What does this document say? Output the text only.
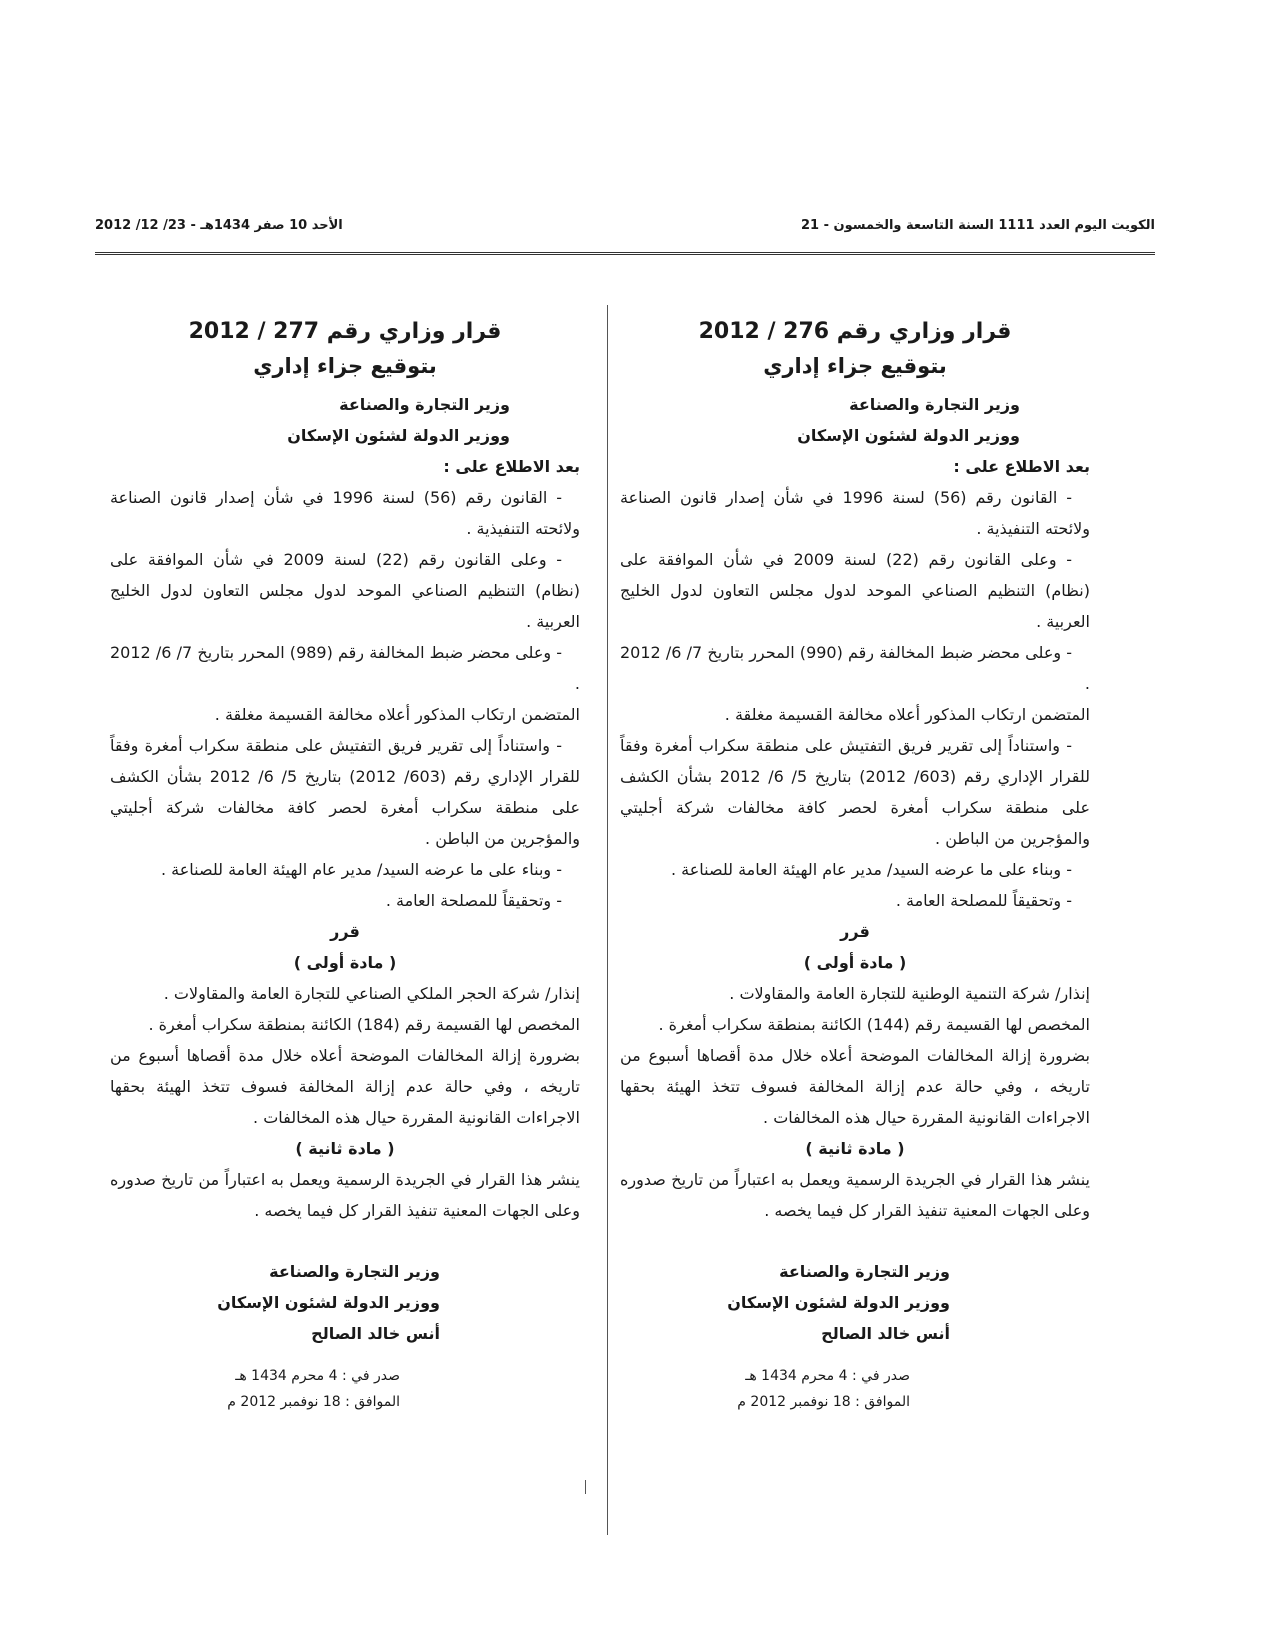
الكويت اليوم العدد 1111 السنة التاسعة والخمسون - 21
الأحد 10 صفر 1434هـ - 23/ 12/ 2012

قرار وزاري رقم 276 / 2012

بتوقيع جزاء إداري

وزير التجارة والصناعة

ووزير الدولة لشئون الإسكان

بعد الاطلاع على :

- القانون رقم (56) لسنة 1996 في شأن إصدار قانون الصناعة ولائحته التنفيذية .

- وعلى القانون رقم (22) لسنة 2009 في شأن الموافقة على (نظام) التنظيم الصناعي الموحد لدول مجلس التعاون لدول الخليج العربية .

- وعلى محضر ضبط المخالفة رقم (990) المحرر بتاريخ 7/ 6/ 2012 .

المتضمن ارتكاب المذكور أعلاه مخالفة القسيمة مغلقة .

- واستناداً إلى تقرير فريق التفتيش على منطقة سكراب أمغرة وفقاً للقرار الإداري رقم (603/ 2012) بتاريخ 5/ 6/ 2012 بشأن الكشف على منطقة سكراب أمغرة لحصر كافة مخالفات شركة أجليتي والمؤجرين من الباطن .

- وبناء على ما عرضه السيد/ مدير عام الهيئة العامة للصناعة .

- وتحقيقاً للمصلحة العامة .

قرر

( مادة أولى )

إنذار/ شركة التنمية الوطنية للتجارة العامة والمقاولات .

المخصص لها القسيمة رقم (144) الكائنة بمنطقة سكراب أمغرة .

بضرورة إزالة المخالفات الموضحة أعلاه خلال مدة أقصاها أسبوع من تاريخه ، وفي حالة عدم إزالة المخالفة فسوف تتخذ الهيئة بحقها الاجراءات القانونية المقررة حيال هذه المخالفات .

( مادة ثانية )

ينشر هذا القرار في الجريدة الرسمية ويعمل به اعتباراً من تاريخ صدوره وعلى الجهات المعنية تنفيذ القرار كل فيما يخصه .

وزير التجارة والصناعة

ووزير الدولة لشئون الإسكان

أنس خالد الصالح

صدر في : 4 محرم 1434 هـ

الموافق : 18 نوفمبر 2012 م

قرار وزاري رقم 277 / 2012

بتوقيع جزاء إداري

وزير التجارة والصناعة

ووزير الدولة لشئون الإسكان

بعد الاطلاع على :

- القانون رقم (56) لسنة 1996 في شأن إصدار قانون الصناعة ولائحته التنفيذية .

- وعلى القانون رقم (22) لسنة 2009 في شأن الموافقة على (نظام) التنظيم الصناعي الموحد لدول مجلس التعاون لدول الخليج العربية .

- وعلى محضر ضبط المخالفة رقم (989) المحرر بتاريخ 7/ 6/ 2012 .

المتضمن ارتكاب المذكور أعلاه مخالفة القسيمة مغلقة .

- واستناداً إلى تقرير فريق التفتيش على منطقة سكراب أمغرة وفقاً للقرار الإداري رقم (603/ 2012) بتاريخ 5/ 6/ 2012 بشأن الكشف على منطقة سكراب أمغرة لحصر كافة مخالفات شركة أجليتي والمؤجرين من الباطن .

- وبناء على ما عرضه السيد/ مدير عام الهيئة العامة للصناعة .

- وتحقيقاً للمصلحة العامة .

قرر

( مادة أولى )

إنذار/ شركة الحجر الملكي الصناعي للتجارة العامة والمقاولات .

المخصص لها القسيمة رقم (184) الكائنة بمنطقة سكراب أمغرة .

بضرورة إزالة المخالفات الموضحة أعلاه خلال مدة أقصاها أسبوع من تاريخه ، وفي حالة عدم إزالة المخالفة فسوف تتخذ الهيئة بحقها الاجراءات القانونية المقررة حيال هذه المخالفات .

( مادة ثانية )

ينشر هذا القرار في الجريدة الرسمية ويعمل به اعتباراً من تاريخ صدوره وعلى الجهات المعنية تنفيذ القرار كل فيما يخصه .

وزير التجارة والصناعة

ووزير الدولة لشئون الإسكان

أنس خالد الصالح

صدر في : 4 محرم 1434 هـ

الموافق : 18 نوفمبر 2012 م
